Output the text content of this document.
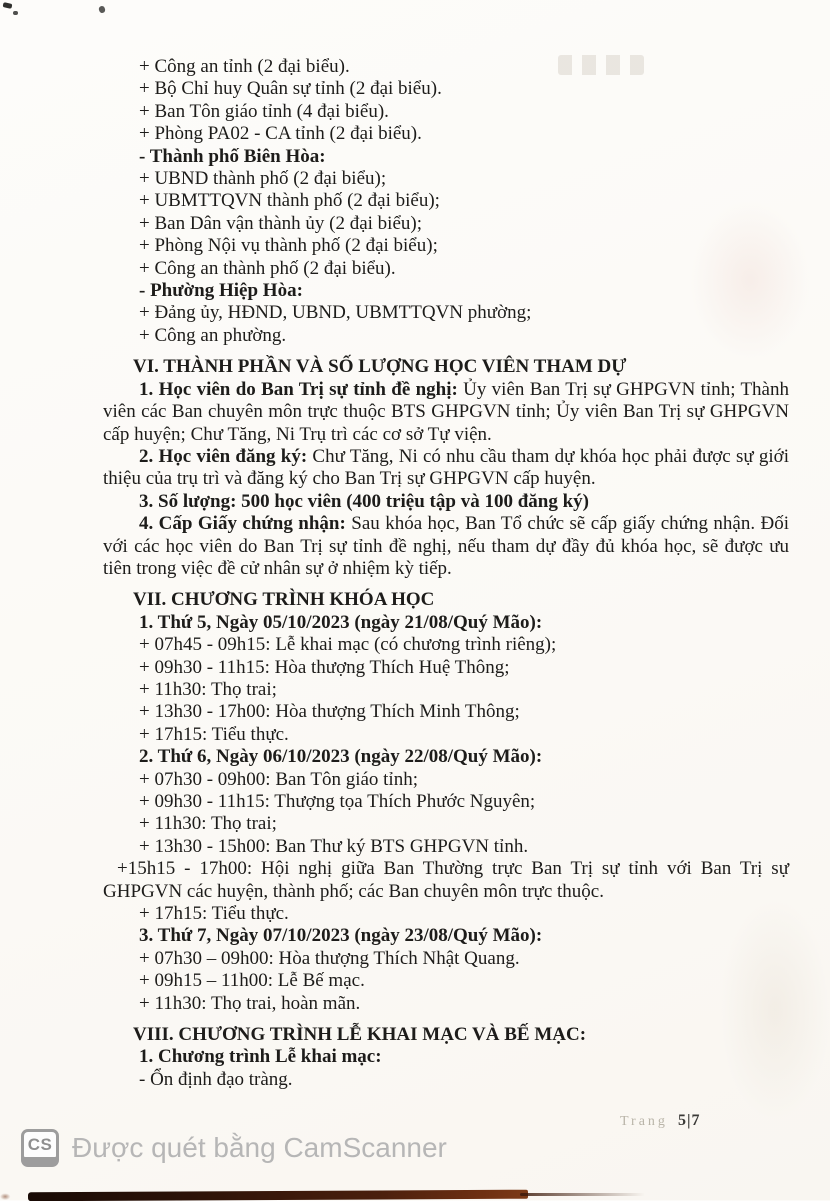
+ Công an tỉnh (2 đại biểu).
+ Bộ Chỉ huy Quân sự tỉnh (2 đại biểu).
+ Ban Tôn giáo tỉnh (4 đại biểu).
+ Phòng PA02 - CA tỉnh (2 đại biểu).
- Thành phố Biên Hòa:
+ UBND thành phố (2 đại biểu);
+ UBMTTQVN thành phố (2 đại biểu);
+ Ban Dân vận thành ủy (2 đại biểu);
+ Phòng Nội vụ thành phố (2 đại biểu);
+ Công an thành phố (2 đại biểu).
- Phường Hiệp Hòa:
+ Đảng ủy, HĐND, UBND, UBMTTQVN phường;
+ Công an phường.
VI. THÀNH PHẦN VÀ SỐ LƯỢNG HỌC VIÊN THAM DỰ
1. Học viên do Ban Trị sự tỉnh đề nghị: Ủy viên Ban Trị sự GHPGVN tỉnh; Thành viên các Ban chuyên môn trực thuộc BTS GHPGVN tỉnh; Ủy viên Ban Trị sự GHPGVN cấp huyện; Chư Tăng, Ni Trụ trì các cơ sở Tự viện.
2. Học viên đăng ký: Chư Tăng, Ni có nhu cầu tham dự khóa học phải được sự giới thiệu của trụ trì và đăng ký cho Ban Trị sự GHPGVN cấp huyện.
3. Số lượng: 500 học viên (400 triệu tập và 100 đăng ký)
4. Cấp Giấy chứng nhận: Sau khóa học, Ban Tổ chức sẽ cấp giấy chứng nhận. Đối với các học viên do Ban Trị sự tỉnh đề nghị, nếu tham dự đầy đủ khóa học, sẽ được ưu tiên trong việc đề cử nhân sự ở nhiệm kỳ tiếp.
VII. CHƯƠNG TRÌNH KHÓA HỌC
1. Thứ 5, Ngày 05/10/2023 (ngày 21/08/Quý Mão):
+ 07h45 - 09h15: Lễ khai mạc (có chương trình riêng);
+ 09h30 - 11h15: Hòa thượng Thích Huệ Thông;
+ 11h30: Thọ trai;
+ 13h30 - 17h00: Hòa thượng Thích Minh Thông;
+ 17h15: Tiểu thực.
2. Thứ 6, Ngày 06/10/2023 (ngày 22/08/Quý Mão):
+ 07h30 - 09h00: Ban Tôn giáo tỉnh;
+ 09h30 - 11h15: Thượng tọa Thích Phước Nguyên;
+ 11h30: Thọ trai;
+ 13h30 - 15h00: Ban Thư ký BTS GHPGVN tỉnh.
+15h15 - 17h00: Hội nghị giữa Ban Thường trực Ban Trị sự tỉnh với Ban Trị sự GHPGVN các huyện, thành phố; các Ban chuyên môn trực thuộc.
+ 17h15: Tiểu thực.
3. Thứ 7, Ngày 07/10/2023 (ngày 23/08/Quý Mão):
+ 07h30 – 09h00: Hòa thượng Thích Nhật Quang.
+ 09h15 – 11h00: Lễ Bế mạc.
+ 11h30: Thọ trai, hoàn mãn.
VIII. CHƯƠNG TRÌNH LỄ KHAI MẠC VÀ BẾ MẠC:
1. Chương trình Lễ khai mạc:
- Ổn định đạo tràng.
Trang 5|7
CS Được quét bằng CamScanner
